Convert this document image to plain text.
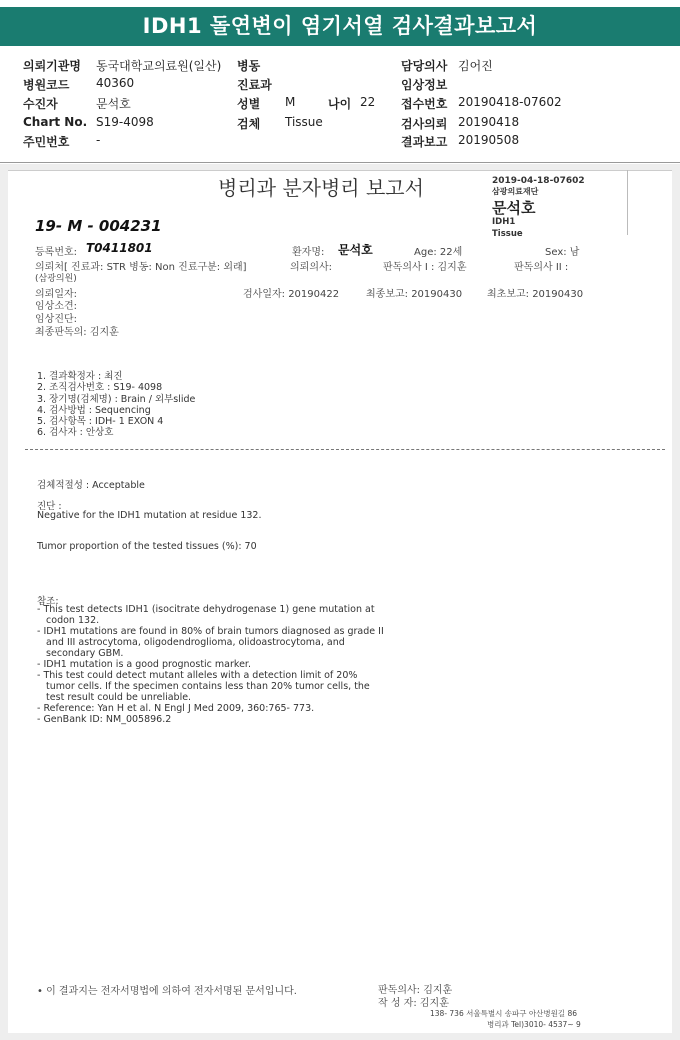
IDH1 돌연변이 염기서열 검사결과보고서
의뢰기관명 동국대학교의료원(일산) 병동	담당의사 김어진
병원코드 40360	진료과	임상정보
수진자	문석호	성별 M	나이 22 접수번호 20190418-07602
Chart No. S19-4098	검체 Tissue	검사의뢰 20190418
주민번호 -	결과보고 20190508
병리과 분자병리 보고서	2019-04-18-07602
삼광의료재단
문석호
IDH1
Tissue
19- M - 004231
등록번호: T0411801	환자명: 문석호	Age: 22세	Sex: 남
의뢰처[ 진료과: STR 병동: Non 진료구분: 외래]	의뢰의사:	판독의사 I : 김지훈	판독의사 II :
(삼광의원)
의뢰일자:	검사일자: 20190422	최종보고: 20190430 최초보고: 20190430
임상소견:
임상진단:
최종판독의: 김지훈
1. 결과확정자 : 최진
2. 조직검사번호 : S19- 4098
3. 장기명(검체명) : Brain / 외부slide
4. 검사방법 : Sequencing
5. 검사항목 : IDH- 1 EXON 4
6. 검사자 : 안상호
검체적절성 : Acceptable
진단 :
Negative for the IDH1 mutation at residue 132.
Tumor proportion of the tested tissues (%): 70
참조:
- This test detects IDH1 (isocitrate dehydrogenase 1) gene mutation at
codon 132.
- IDH1 mutations are found in 80% of brain tumors diagnosed as grade II
and III astrocytoma, oligodendroglioma, olidoastrocytoma, and
secondary GBM.
- IDH1 mutation is a good prognostic marker.
- This test could detect mutant alleles with a detection limit of 20%
tumor cells. If the specimen contains less than 20% tumor cells, the
test result could be unreliable.
- Reference: Yan H et al. N Engl J Med 2009, 360:765- 773.
- GenBank ID: NM_005896.2
• 이 결과지는 전자서명법에 의하여 전자서명된 문서입니다.	판독의사: 김지훈
작 성 자: 김지훈
138- 736 서울특별시 송파구 아산병원길 86
병리과 Tel)3010- 4537~ 9
